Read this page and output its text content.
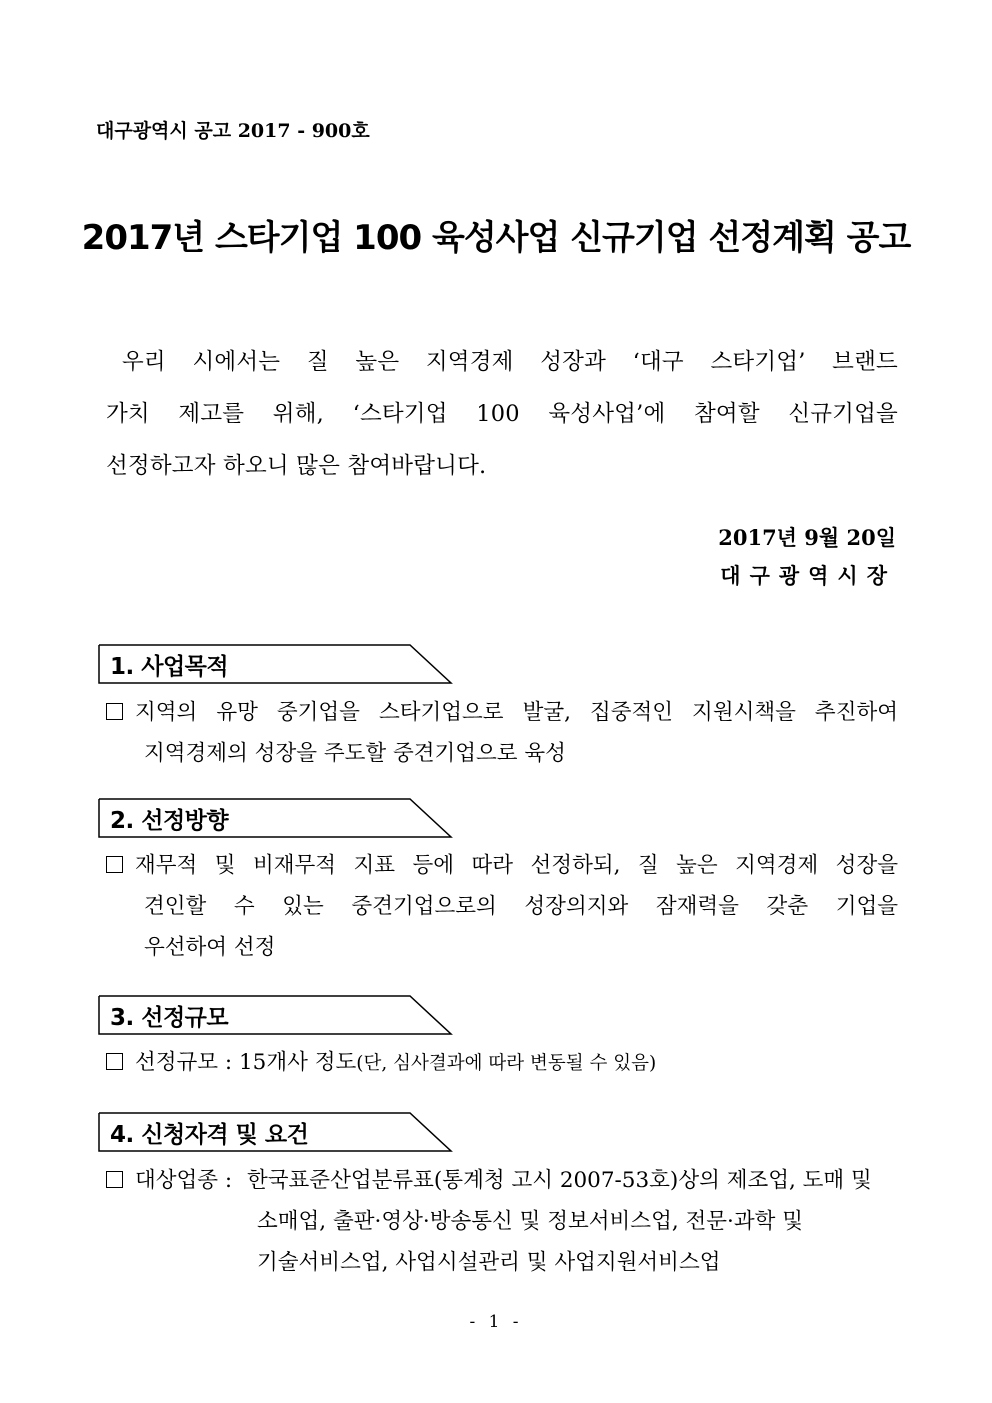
대구광역시 공고 2017 - 900호
2017년 스타기업 100 육성사업 신규기업 선정계획 공고
우리 시에서는 질 높은 지역경제 성장과 ‘대구 스타기업’ 브랜드
가치 제고를 위해, ‘스타기업 100 육성사업’에 참여할 신규기업을
선정하고자 하오니 많은 참여바랍니다.
2017년 9월 20일
대구광역시장
1. 사업목적
지역의 유망 중기업을 스타기업으로 발굴, 집중적인 지원시책을 추진하여
지역경제의 성장을 주도할 중견기업으로 육성
2. 선정방향
재무적 및 비재무적 지표 등에 따라 선정하되, 질 높은 지역경제 성장을
견인할 수 있는 중견기업으로의 성장의지와 잠재력을 갖춘 기업을
우선하여 선정
3. 선정규모
선정규모 : 15개사 정도(단, 심사결과에 따라 변동될 수 있음)
4. 신청자격 및 요건
대상업종 : 한국표준산업분류표(통계청 고시 2007-53호)상의 제조업, 도매 및
소매업, 출판·영상·방송통신 및 정보서비스업, 전문·과학 및
기술서비스업, 사업시설관리 및 사업지원서비스업
- 1 -
